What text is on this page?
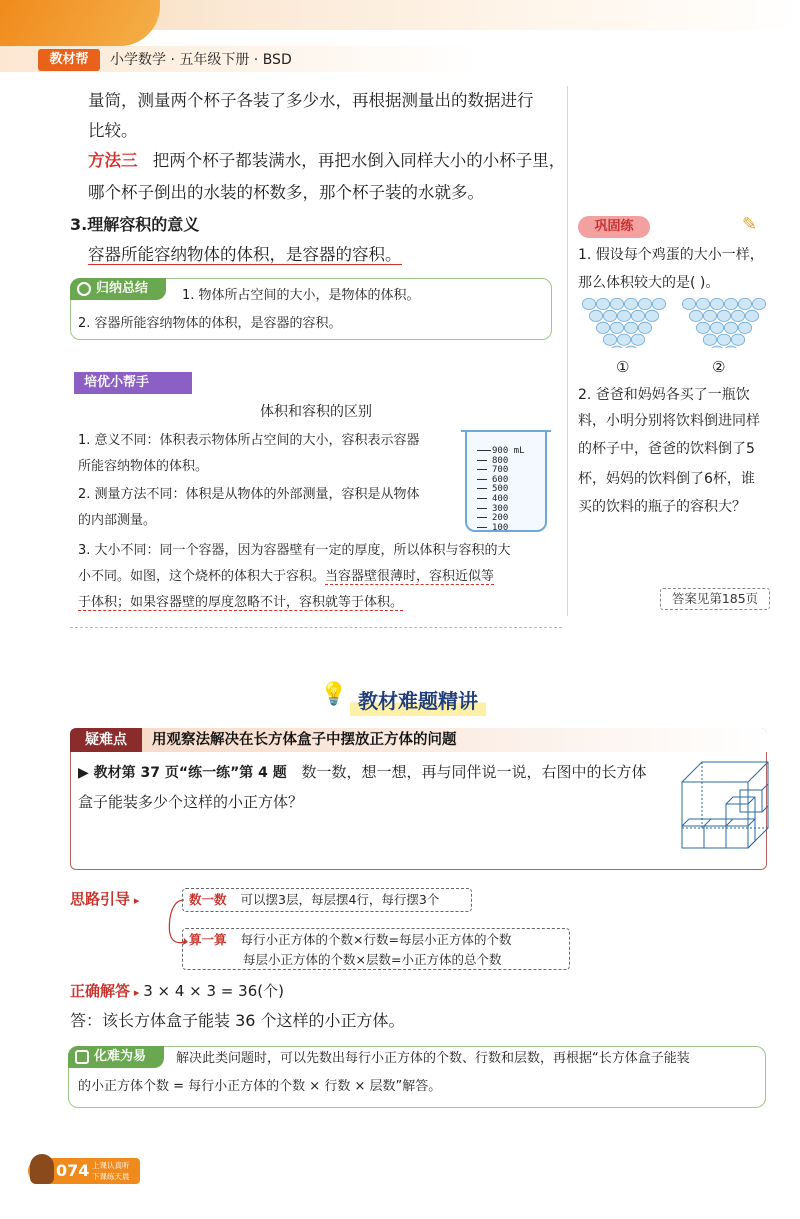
教材帮	小学数学 · 五年级下册 · BSD
量筒，测量两个杯子各装了多少水，再根据测量出的数据进行
比较。
方法三 把两个杯子都装满水，再把水倒入同样大小的小杯子里，
哪个杯子倒出的水装的杯数多，那个杯子装的水就多。
3.理解容积的意义
容器所能容纳物体的体积，是容器的容积。
归纳总结	1. 物体所占空间的大小，是物体的体积。
2. 容器所能容纳物体的体积，是容器的容积。
培优小帮手
体积和容积的区别
1. 意义不同：体积表示物体所占空间的大小，容积表示容器
所能容纳物体的体积。
2. 测量方法不同：体积是从物体的外部测量，容积是从物体
的内部测量。
3. 大小不同：同一个容器，因为容器壁有一定的厚度，所以体积与容积的大
小不同。如图，这个烧杯的体积大于容积。当容器壁很薄时，容积近似等
于体积；如果容器壁的厚度忽略不计，容积就等于体积。
900 mL
800
700
600
500
400
300
200
100
巩固练	✎
1. 假设每个鸡蛋的大小一样，
那么体积较大的是( )。
①	②
2. 爸爸和妈妈各买了一瓶饮
料，小明分别将饮料倒进同样
的杯子中，爸爸的饮料倒了5
杯，妈妈的饮料倒了6杯，谁
买的饮料的瓶子的容积大？
答案见第185页
💡 教材难题精讲
疑难点	用观察法解决在长方体盒子中摆放正方体的问题
▶ 教材第 37 页“练一练”第 4 题 数一数，想一想，再与同伴说一说，右图中的长方体
盒子能装多少个这样的小正方体？
思路引导 ▸	数一数 可以摆3层，每层摆4行，每行摆3个
算一算 每行小正方体的个数×行数=每层小正方体的个数
每层小正方体的个数×层数=小正方体的总个数
正确解答 ▸ 3 × 4 × 3 = 36(个)
答：该长方体盒子能装 36 个这样的小正方体。
化难为易	解决此类问题时，可以先数出每行小正方体的个数、行数和层数，再根据“长方体盒子能装
的小正方体个数 = 每行小正方体的个数 × 行数 × 层数”解答。
074 上课认真听
下课练天晨
